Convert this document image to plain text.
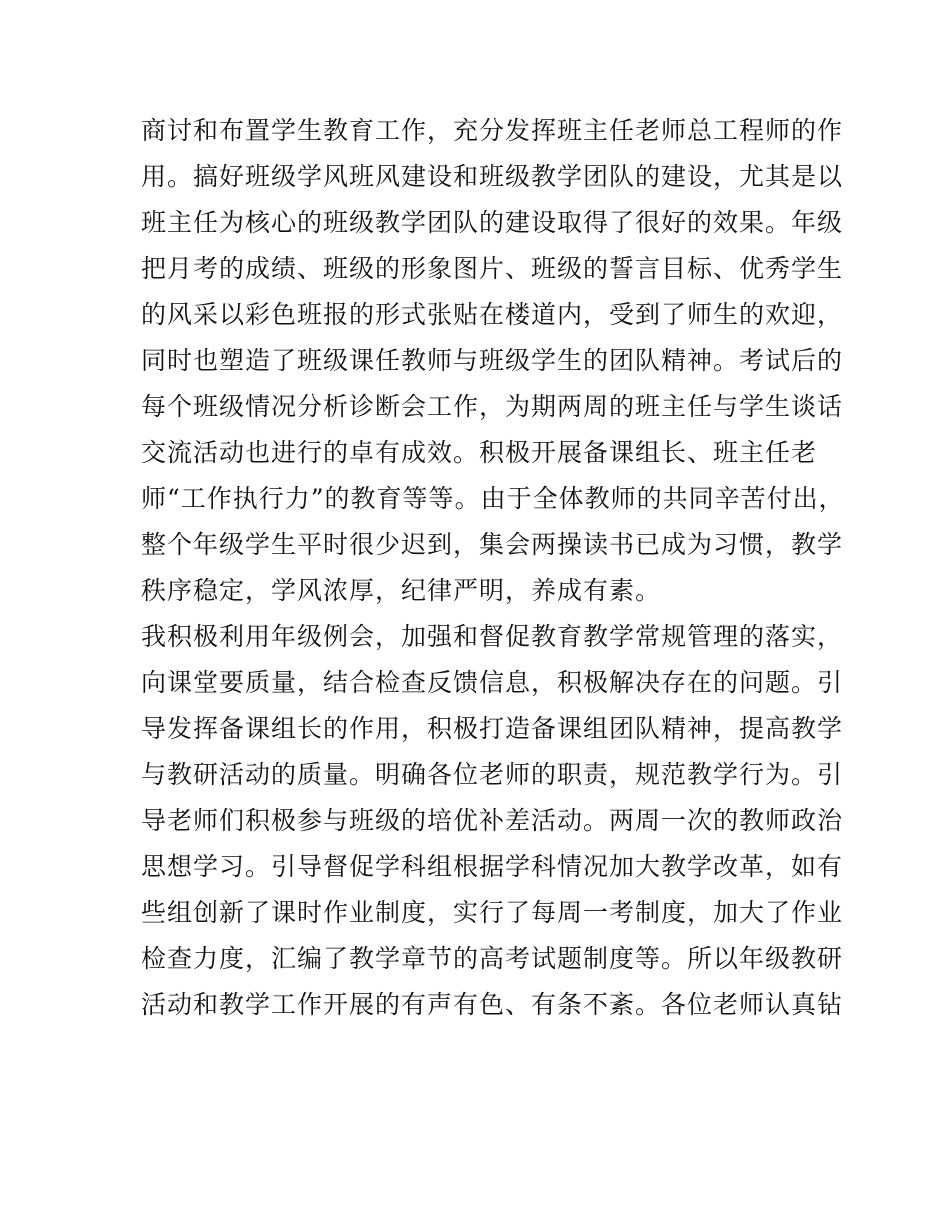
商讨和布置学生教育工作，充分发挥班主任老师总工程师的作
用。搞好班级学风班风建设和班级教学团队的建设，尤其是以
班主任为核心的班级教学团队的建设取得了很好的效果。年级
把月考的成绩、班级的形象图片、班级的誓言目标、优秀学生
的风采以彩色班报的形式张贴在楼道内，受到了师生的欢迎，
同时也塑造了班级课任教师与班级学生的团队精神。考试后的
每个班级情况分析诊断会工作，为期两周的班主任与学生谈话
交流活动也进行的卓有成效。积极开展备课组长、班主任老
师“工作执行力”的教育等等。由于全体教师的共同辛苦付出，
整个年级学生平时很少迟到，集会两操读书已成为习惯，教学
秩序稳定，学风浓厚，纪律严明，养成有素。
我积极利用年级例会，加强和督促教育教学常规管理的落实，
向课堂要质量，结合检查反馈信息，积极解决存在的问题。引
导发挥备课组长的作用，积极打造备课组团队精神，提高教学
与教研活动的质量。明确各位老师的职责，规范教学行为。引
导老师们积极参与班级的培优补差活动。两周一次的教师政治
思想学习。引导督促学科组根据学科情况加大教学改革，如有
些组创新了课时作业制度，实行了每周一考制度，加大了作业
检查力度，汇编了教学章节的高考试题制度等。所以年级教研
活动和教学工作开展的有声有色、有条不紊。各位老师认真钻
